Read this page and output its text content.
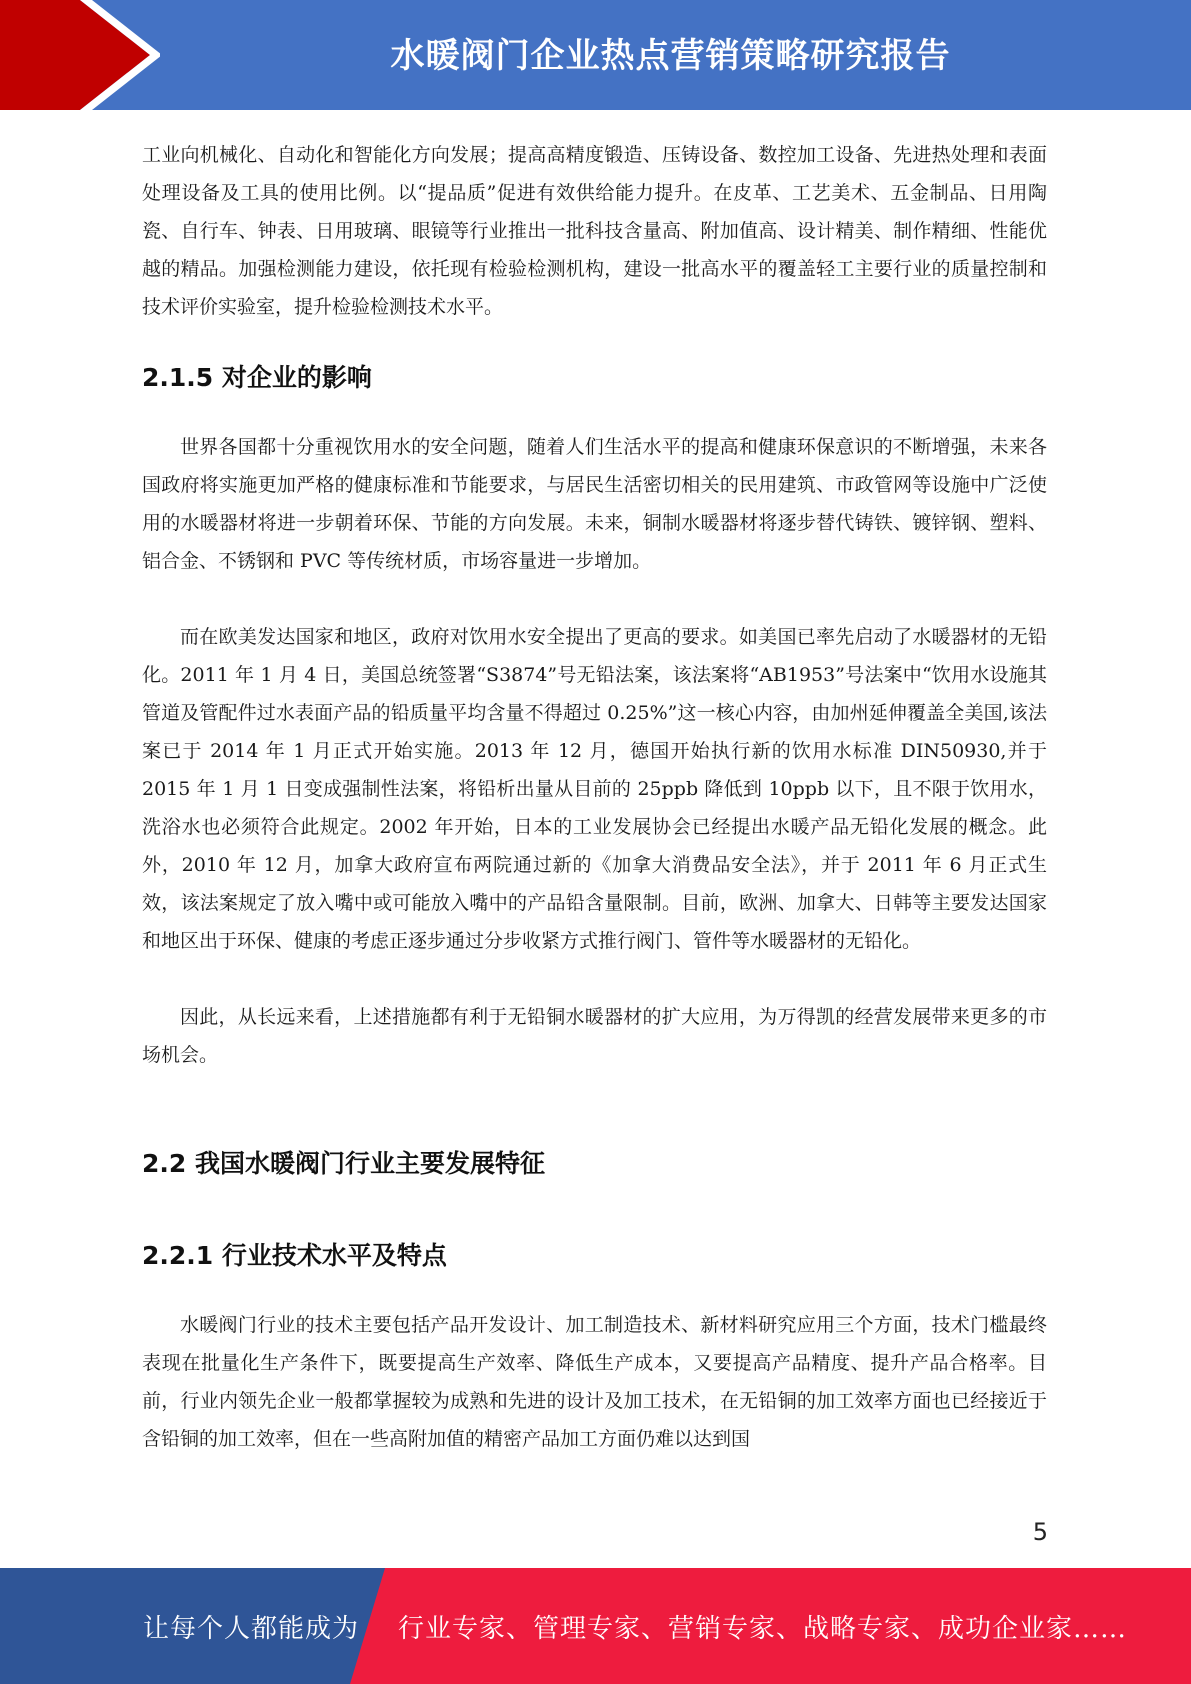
水暖阀门企业热点营销策略研究报告

工业向机械化、自动化和智能化方向发展；提高高精度锻造、压铸设备、数控加工设备、先进热处理和表面处理设备及工具的使用比例。以“提品质”促进有效供给能力提升。在皮革、工艺美术、五金制品、日用陶瓷、自行车、钟表、日用玻璃、眼镜等行业推出一批科技含量高、附加值高、设计精美、制作精细、性能优越的精品。加强检测能力建设，依托现有检验检测机构，建设一批高水平的覆盖轻工主要行业的质量控制和技术评价实验室，提升检验检测技术水平。

2.1.5 对企业的影响

世界各国都十分重视饮用水的安全问题，随着人们生活水平的提高和健康环保意识的不断增强，未来各国政府将实施更加严格的健康标准和节能要求，与居民生活密切相关的民用建筑、市政管网等设施中广泛使用的水暖器材将进一步朝着环保、节能的方向发展。未来，铜制水暖器材将逐步替代铸铁、镀锌钢、塑料、铝合金、不锈钢和 PVC 等传统材质，市场容量进一步增加。

而在欧美发达国家和地区，政府对饮用水安全提出了更高的要求。如美国已率先启动了水暖器材的无铅化。2011 年 1 月 4 日，美国总统签署“S3874”号无铅法案，该法案将“AB1953”号法案中“饮用水设施其管道及管配件过水表面产品的铅质量平均含量不得超过 0.25%”这一核心内容，由加州延伸覆盖全美国,该法案已于 2014 年 1 月正式开始实施。2013 年 12 月，德国开始执行新的饮用水标准 DIN50930,并于 2015 年 1 月 1 日变成强制性法案，将铅析出量从目前的 25ppb 降低到 10ppb 以下，且不限于饮用水，洗浴水也必须符合此规定。2002 年开始，日本的工业发展协会已经提出水暖产品无铅化发展的概念。此外，2010 年 12 月，加拿大政府宣布两院通过新的《加拿大消费品安全法》，并于 2011 年 6 月正式生效，该法案规定了放入嘴中或可能放入嘴中的产品铅含量限制。目前，欧洲、加拿大、日韩等主要发达国家和地区出于环保、健康的考虑正逐步通过分步收紧方式推行阀门、管件等水暖器材的无铅化。

因此，从长远来看，上述措施都有利于无铅铜水暖器材的扩大应用，为万得凯的经营发展带来更多的市场机会。

2.2 我国水暖阀门行业主要发展特征
2.2.1 行业技术水平及特点

水暖阀门行业的技术主要包括产品开发设计、加工制造技术、新材料研究应用三个方面，技术门槛最终表现在批量化生产条件下，既要提高生产效率、降低生产成本，又要提高产品精度、提升产品合格率。目前，行业内领先企业一般都掌握较为成熟和先进的设计及加工技术，在无铅铜的加工效率方面也已经接近于含铅铜的加工效率，但在一些高附加值的精密产品加工方面仍难以达到国

5
让每个人都能成为 行业专家、管理专家、营销专家、战略专家、成功企业家……
